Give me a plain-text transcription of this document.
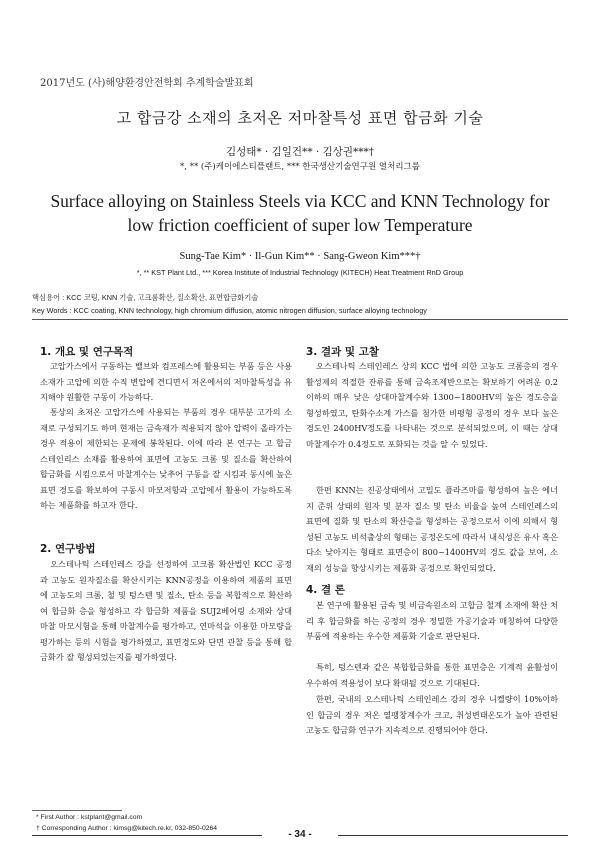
2017년도 (사)해양환경안전학회 추계학술발표회
고 합금강 소재의 초저온 저마찰특성 표면 합금화 기술
김성태* · 김일건** · 김상권***†
*, ** (주)케이에스티플랜트, *** 한국생산기술연구원 열처리그룹
Surface alloying on Stainless Steels via KCC and KNN Technology for
low friction coefficient of super low Temperature
Sung-Tae Kim* · Il-Gun Kim** · Sang-Gweon Kim***†
*, ** KST Plant Ltd., *** Korea Institute of Industrial Technology (KITECH) Heat Treatment RnD Group
핵심용어 : KCC 코팅, KNN 기술, 고크롬확산, 질소확산, 표면합금화기술
Key Words : KCC coating, KNN technology, high chromium diffusion, atomic nitrogen diffusion, surface alloying technology
1. 개요 및 연구목적

고압가스에서 구동하는 밸브와 컴프레스에 활용되는 부품 등은 사용 소재가 고압에 의한 수직 변압에 견디면서 저온에서의 저마찰특성을 유지해야 원활한 구동이 가능하다.

통상의 초저온 고압가스에 사용되는 부품의 경우 대부분 고가의 소재로 구성되기도 하며 현재는 금속재가 적용되지 않아 압력이 올라가는 경우 적용이 제한되는 문제에 봉착된다. 이에 따라 본 연구는 고 합금 스테인리스 소재를 활용하여 표면에 고농도 크롬 및 질소를 확산하여 합금화를 시킴으로서 마찰계수는 낮추어 구동을 잘 시킴과 동시에 높은 표면 경도를 확보하여 구동시 마모저항과 고압에서 활용이 가능하도록 하는 제품화를 하고자 한다.

2. 연구방법

오스테나틱 스테인레스 강을 선정하여 고크롬 확산법인 KCC 공정과 고농도 원자질소를 확산시키는 KNN공정을 이용하여 제품의 표면에 고농도의 크롬, 철 및 텅스텐 및 질소, 탄소 등을 복합적으로 확산하여 합금화 층을 형성하고 각 합금화 제품을 SUJ2베어링 소재와 상대 마찰 마모시험을 통해 마찰계수를 평가하고, 연마석을 이용한 마모량을 평가하는 등의 시험을 평가하였고, 표면경도와 단면 관찰 등을 통해 합금화가 잘 형성되었는지를 평가하였다.

3. 결과 및 고찰

오스테나틱 스테인레스 상의 KCC 법에 의한 고농도 크롬층의 경우 활성제의 적절한 잔류를 통해 금속조제반으로는 확보하기 어려운 0.2 이하의 매우 낮은 상대마찰계수와 1300~1800HV의 높은 경도층을 형성하였고, 탄화수소계 가스를 첨가한 비평형 공정의 경우 보다 높은 경도인 2400HV정도를 나타내는 것으로 분석되었으며, 이 때는 상대마찰계수가 0.4정도로 포화되는 것을 알 수 있었다.

한편 KNN는 진공상태에서 고밀도 플라즈마를 형성하여 높은 에너지 준위 상태의 원자 및 분자 질소 및 탄소 비율을 높여 스테인레스의 표면에 질화 및 탄소의 확산층을 형성하는 공정으로서 이에 의해서 형성된 고농도 비석출상의 형태는 공정온도에 따라서 내식성은 유사 혹은 다소 낮아지는 형태로 표면층이 800~1400HV의 경도 값을 보여, 소재의 성능을 향상시키는 제품화 공정으로 확인되었다.

4. 결 론

본 연구에 활용된 금속 및 비금속원소의 고합금 철계 소재에 확산 처리 후 합금화를 하는 공정의 경우 정밀한 가공기술과 매칭하여 다양한 부품에 적용하는 우수한 제품화 기술로 판단된다.

특히, 텅스텐과 같은 복합합금화를 통한 표면층은 기계적 윤활성이 우수하여 적용성이 보다 확대될 것으로 기대된다.

한편, 국내의 오스테나틱 스테인레스 강의 경우 니켈량이 10%이하인 합금의 경우 저온 열팽창계수가 크고, 취성변태온도가 높아 관련된 고농도 합금화 연구가 지속적으로 진행되어야 한다.

* First Author : kstplant@gmail.com
† Corresponding Author : kimsg@kitech.re.kr, 032-850-0264
- 34 -
